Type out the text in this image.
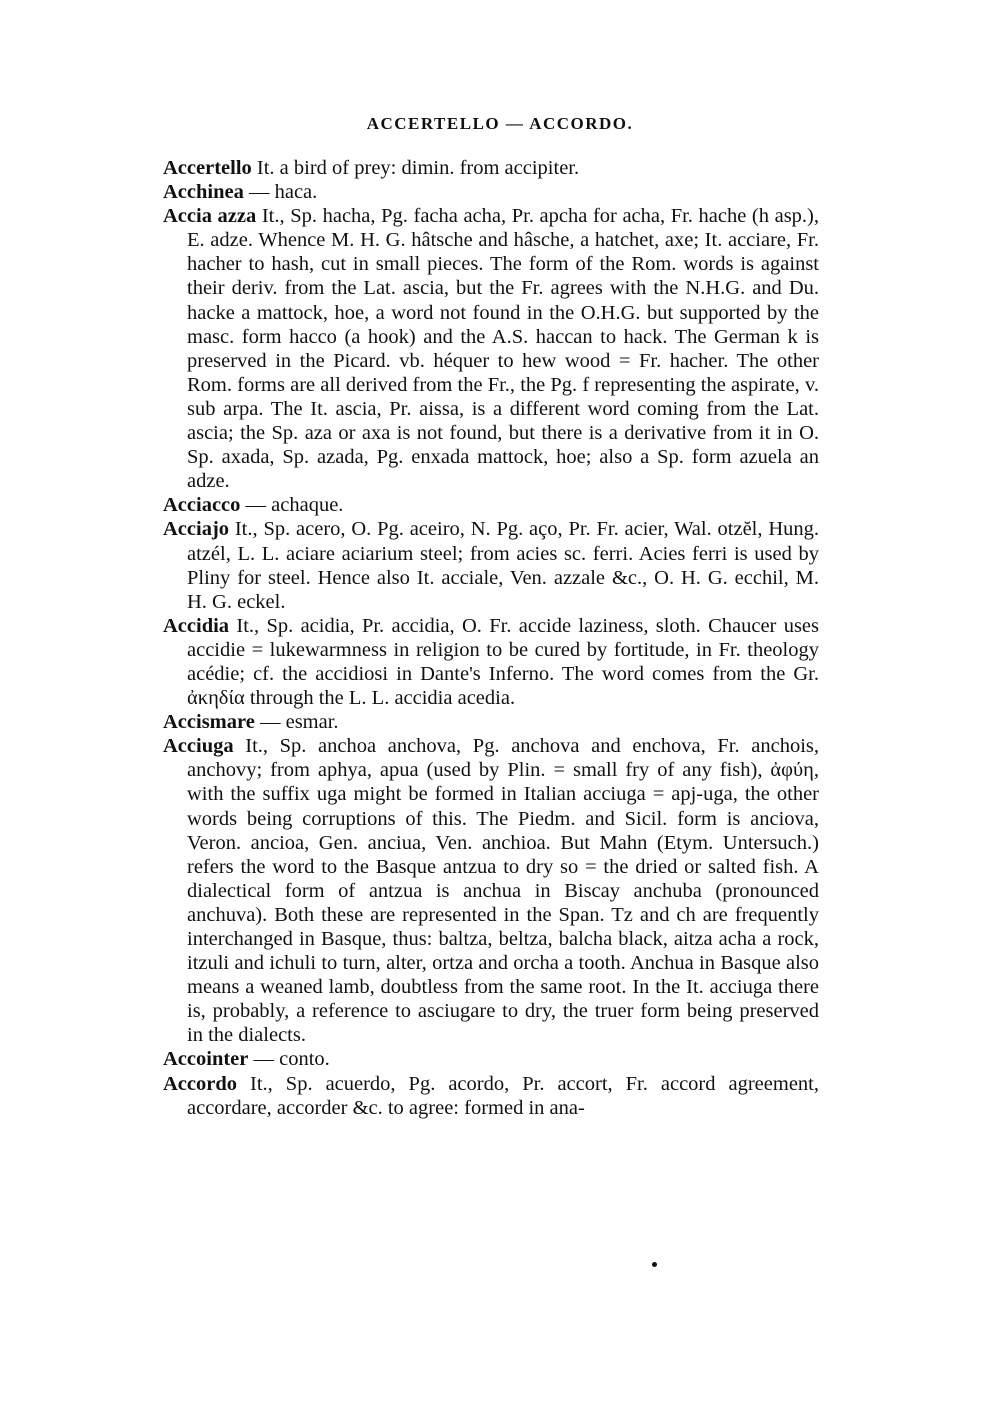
ACCERTELLO — ACCORDO.
Accertello It. a bird of prey: dimin. from accipiter.
Acchinea — haca.
Accia azza It., Sp. hacha, Pg. facha acha, Pr. apcha for acha, Fr. hache (h asp.), E. adze. Whence M. H. G. hâtsche and hâsche, a hatchet, axe; It. acciare, Fr. hacher to hash, cut in small pieces. The form of the Rom. words is against their deriv. from the Lat. ascia, but the Fr. agrees with the N.H.G. and Du. hacke a mattock, hoe, a word not found in the O.H.G. but supported by the masc. form hacco (a hook) and the A.S. haccan to hack. The German k is preserved in the Picard. vb. héquer to hew wood = Fr. hacher. The other Rom. forms are all derived from the Fr., the Pg. f representing the aspirate, v. sub arpa. The It. ascia, Pr. aissa, is a different word coming from the Lat. ascia; the Sp. aza or axa is not found, but there is a derivative from it in O. Sp. axada, Sp. azada, Pg. enxada mattock, hoe; also a Sp. form azuela an adze.
Acciacco — achaque.
Acciajo It., Sp. acero, O. Pg. aceiro, N. Pg. aço, Pr. Fr. acier, Wal. otzĕl, Hung. atzél, L. L. aciare aciarium steel; from acies sc. ferri. Acies ferri is used by Pliny for steel. Hence also It. acciale, Ven. azzale &c., O. H. G. ecchil, M. H. G. eckel.
Accidia It., Sp. acidia, Pr. accidia, O. Fr. accide laziness, sloth. Chaucer uses accidie = lukewarmness in religion to be cured by fortitude, in Fr. theology acédie; cf. the accidiosi in Dante's Inferno. The word comes from the Gr. ἀκηδία through the L. L. accidia acedia.
Accismare — esmar.
Acciuga It., Sp. anchoa anchova, Pg. anchova and enchova, Fr. anchois, anchovy; from aphya, apua (used by Plin. = small fry of any fish), ἀφύη, with the suffix uga might be formed in Italian acciuga = apj-uga, the other words being corruptions of this. The Piedm. and Sicil. form is anciova, Veron. ancioa, Gen. anciua, Ven. anchioa. But Mahn (Etym. Untersuch.) refers the word to the Basque antzua to dry so = the dried or salted fish. A dialectical form of antzua is anchua in Biscay anchuba (pronounced anchuva). Both these are represented in the Span. Tz and ch are frequently interchanged in Basque, thus: baltza, beltza, balcha black, aitza acha a rock, itzuli and ichuli to turn, alter, ortza and orcha a tooth. Anchua in Basque also means a weaned lamb, doubtless from the same root. In the It. acciuga there is, probably, a reference to asciugare to dry, the truer form being preserved in the dialects.
Accointer — conto.
Accordo It., Sp. acuerdo, Pg. acordo, Pr. accort, Fr. accord agreement, accordare, accorder &c. to agree: formed in ana-
